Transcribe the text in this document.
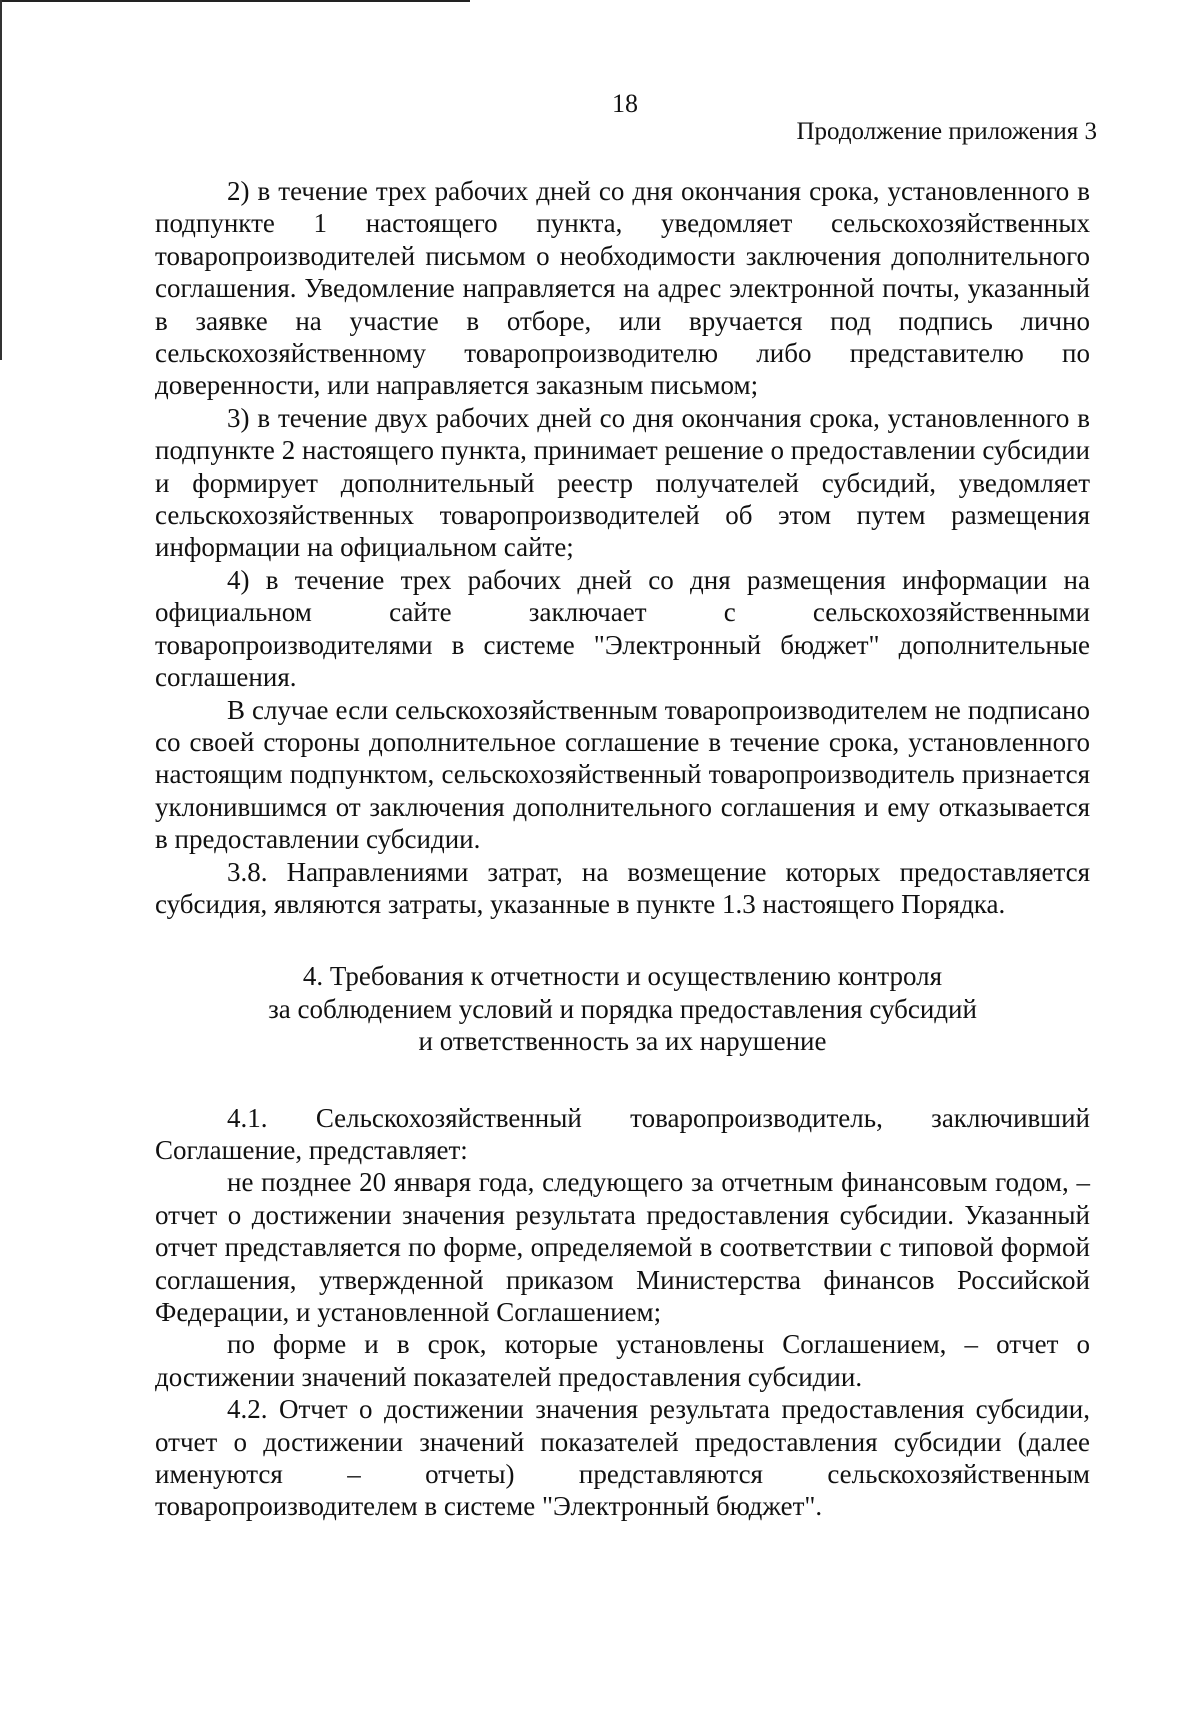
18
Продолжение приложения 3

2) в течение трех рабочих дней со дня окончания срока, установленного в подпункте 1 настоящего пункта, уведомляет сельскохозяйственных товаропроизводителей письмом о необходимости заключения дополнительного соглашения. Уведомление направляется на адрес электронной почты, указанный в заявке на участие в отборе, или вручается под подпись лично сельскохозяйственному товаропроизводителю либо представителю по доверенности, или направляется заказным письмом;

3) в течение двух рабочих дней со дня окончания срока, установленного в подпункте 2 настоящего пункта, принимает решение о предоставлении субсидии и формирует дополнительный реестр получателей субсидий, уведомляет сельскохозяйственных товаропроизводителей об этом путем размещения информации на официальном сайте;

4) в течение трех рабочих дней со дня размещения информации на официальном сайте заключает с сельскохозяйственными товаропроизводителями в системе "Электронный бюджет" дополнительные соглашения.

В случае если сельскохозяйственным товаропроизводителем не подписано со своей стороны дополнительное соглашение в течение срока, установленного настоящим подпунктом, сельскохозяйственный товаропроизводитель признается уклонившимся от заключения дополнительного соглашения и ему отказывается в предоставлении субсидии.

3.8. Направлениями затрат, на возмещение которых предоставляется субсидия, являются затраты, указанные в пункте 1.3 настоящего Порядка.

4. Требования к отчетности и осуществлению контроля
за соблюдением условий и порядка предоставления субсидий
и ответственность за их нарушение

4.1. Сельскохозяйственный товаропроизводитель, заключивший Соглашение, представляет:

не позднее 20 января года, следующего за отчетным финансовым годом, – отчет о достижении значения результата предоставления субсидии. Указанный отчет представляется по форме, определяемой в соответствии с типовой формой соглашения, утвержденной приказом Министерства финансов Российской Федерации, и установленной Соглашением;

по форме и в срок, которые установлены Соглашением, – отчет о достижении значений показателей предоставления субсидии.

4.2. Отчет о достижении значения результата предоставления субсидии, отчет о достижении значений показателей предоставления субсидии (далее именуются – отчеты) представляются сельскохозяйственным товаропроизводителем в системе "Электронный бюджет".
